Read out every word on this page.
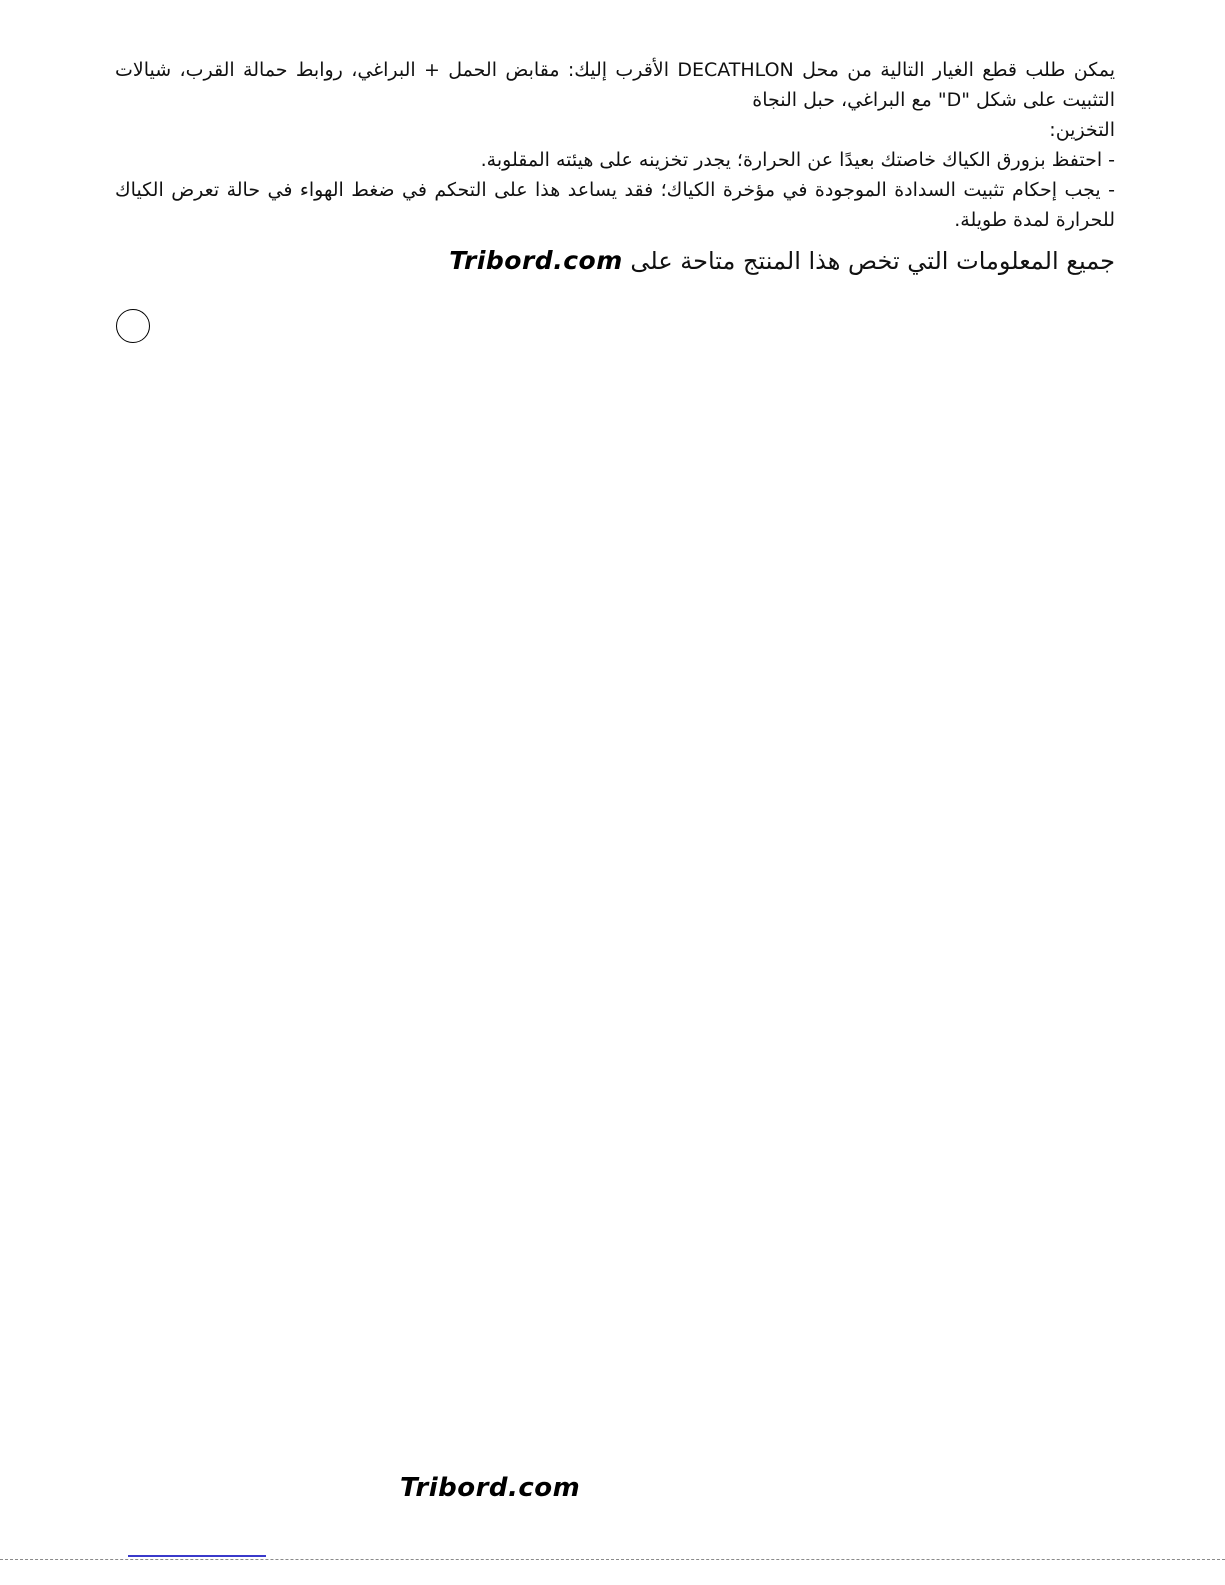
يمكن طلب قطع الغيار التالية من محل DECATHLON الأقرب إليك: مقابض الحمل + البراغي، روابط حمالة القرب، شيالات التثبيت على شكل "D" مع البراغي، حبل النجاة

التخزين:

- احتفظ بزورق الكياك خاصتك بعيدًا عن الحرارة؛ يجدر تخزينه على هيئته المقلوبة.

- يجب إحكام تثبيت السدادة الموجودة في مؤخرة الكياك؛ فقد يساعد هذا على التحكم في ضغط الهواء في حالة تعرض الكياك للحرارة لمدة طويلة.

جميع المعلومات التي تخص هذا المنتج متاحة على Tribord.com
Tribord.com
